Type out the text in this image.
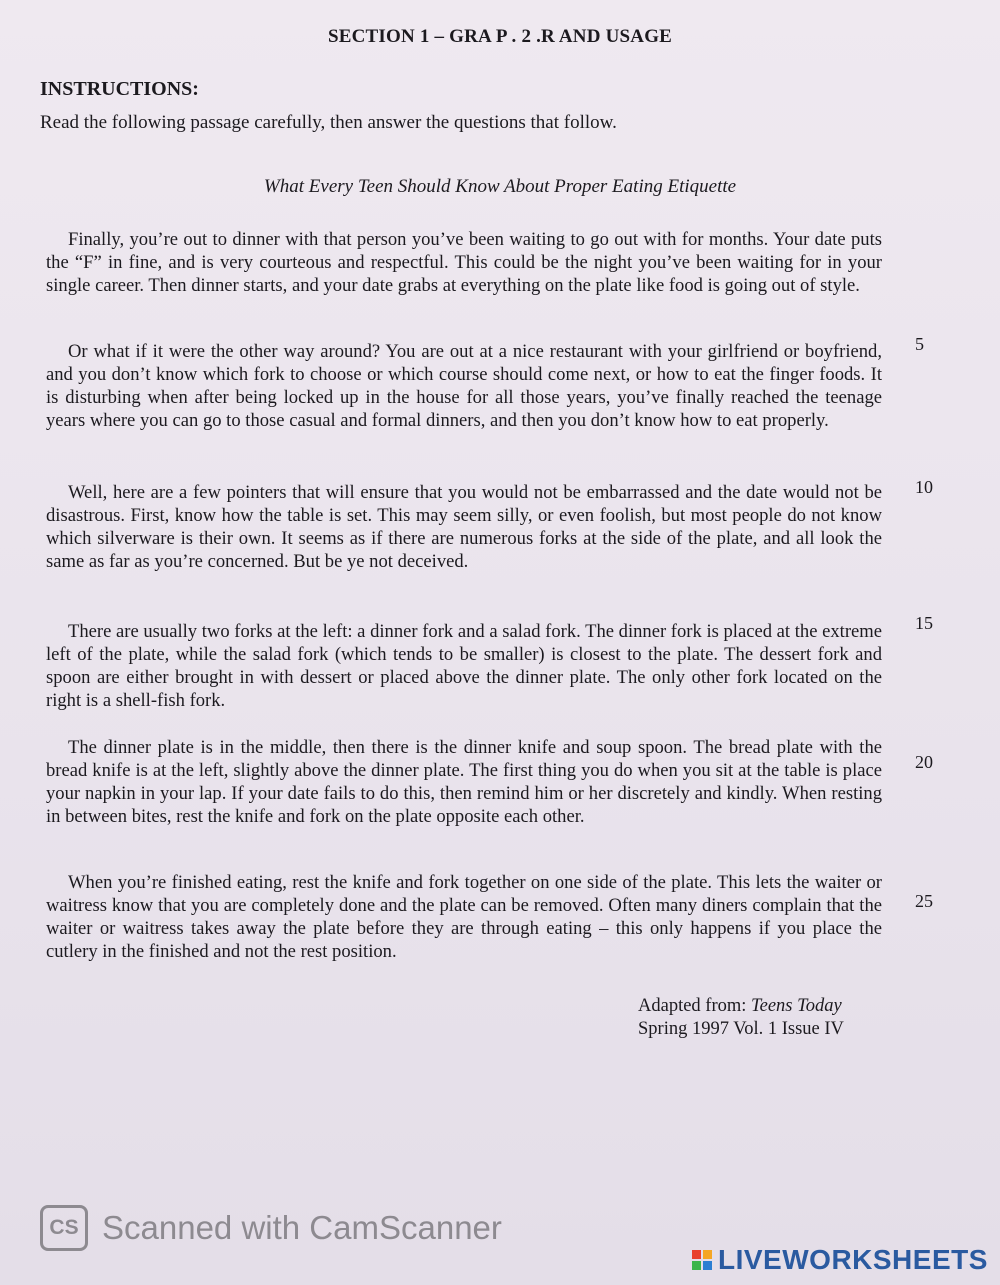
SECTION 1 – GRA P . 2 .R AND USAGE
INSTRUCTIONS:
Read the following passage carefully, then answer the questions that follow.
What Every Teen Should Know About Proper Eating Etiquette
Finally, you’re out to dinner with that person you’ve been waiting to go out with for months. Your date puts the “F” in fine, and is very courteous and respectful. This could be the night you’ve been waiting for in your single career. Then dinner starts, and your date grabs at everything on the plate like food is going out of style.
Or what if it were the other way around? You are out at a nice restaurant with your girlfriend or boyfriend, and you don’t know which fork to choose or which course should come next, or how to eat the finger foods. It is disturbing when after being locked up in the house for all those years, you’ve finally reached the teenage years where you can go to those casual and formal dinners, and then you don’t know how to eat properly.
5
Well, here are a few pointers that will ensure that you would not be embarrassed and the date would not be disastrous. First, know how the table is set. This may seem silly, or even foolish, but most people do not know which silverware is their own. It seems as if there are numerous forks at the side of the plate, and all look the same as far as you’re concerned. But be ye not deceived.
10
There are usually two forks at the left: a dinner fork and a salad fork. The dinner fork is placed at the extreme left of the plate, while the salad fork (which tends to be smaller) is closest to the plate. The dessert fork and spoon are either brought in with dessert or placed above the dinner plate. The only other fork located on the right is a shell-fish fork.
15
The dinner plate is in the middle, then there is the dinner knife and soup spoon. The bread plate with the bread knife is at the left, slightly above the dinner plate. The first thing you do when you sit at the table is place your napkin in your lap. If your date fails to do this, then remind him or her discretely and kindly. When resting in between bites, rest the knife and fork on the plate opposite each other.
20
When you’re finished eating, rest the knife and fork together on one side of the plate. This lets the waiter or waitress know that you are completely done and the plate can be removed. Often many diners complain that the waiter or waitress takes away the plate before they are through eating – this only happens if you place the cutlery in the finished and not the rest position.
25
Adapted from: Teens Today
Spring 1997 Vol. 1 Issue IV
CS Scanned with CamScanner
LIVEWORKSHEETS
